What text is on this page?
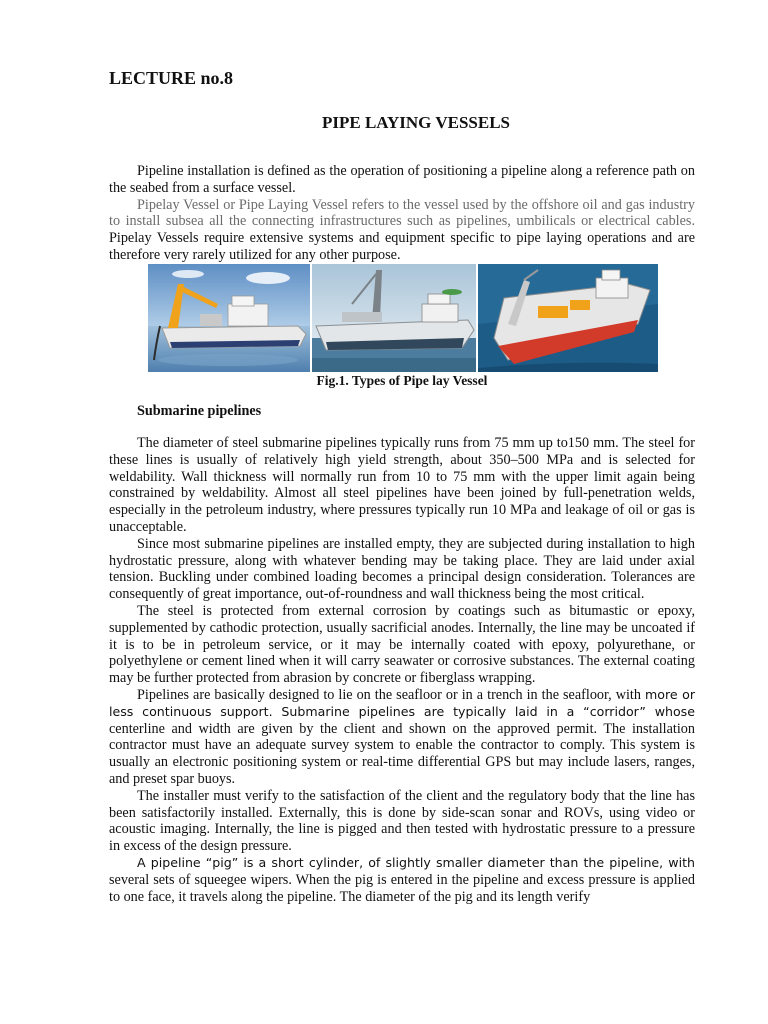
LECTURE no.8
PIPE LAYING VESSELS

Pipeline installation is defined as the operation of positioning a pipeline along a reference path on the seabed from a surface vessel.

Pipelay Vessel or Pipe Laying Vessel refers to the vessel used by the offshore oil and gas industry to install subsea all the connecting infrastructures such as pipelines, umbilicals or electrical cables. Pipelay Vessels require extensive systems and equipment specific to pipe laying operations and are therefore very rarely utilized for any other purpose.

Fig.1. Types of Pipe lay Vessel
Submarine pipelines

The diameter of steel submarine pipelines typically runs from 75 mm up to150 mm. The steel for these lines is usually of relatively high yield strength, about 350–500 MPa and is selected for weldability. Wall thickness will normally run from 10 to 75 mm with the upper limit again being constrained by weldability. Almost all steel pipelines have been joined by full-penetration welds, especially in the petroleum industry, where pressures typically run 10 MPa and leakage of oil or gas is unacceptable.

Since most submarine pipelines are installed empty, they are subjected during installation to high hydrostatic pressure, along with whatever bending may be taking place. They are laid under axial tension. Buckling under combined loading becomes a principal design consideration. Tolerances are consequently of great importance, out-of-roundness and wall thickness being the most critical.

The steel is protected from external corrosion by coatings such as bitumastic or epoxy, supplemented by cathodic protection, usually sacrificial anodes. Internally, the line may be uncoated if it is to be in petroleum service, or it may be internally coated with epoxy, polyurethane, or polyethylene or cement lined when it will carry seawater or corrosive substances. The external coating may be further protected from abrasion by concrete or fiberglass wrapping.

Pipelines are basically designed to lie on the seafloor or in a trench in the seafloor, with more or less continuous support. Submarine pipelines are typically laid in a “corridor” whose centerline and width are given by the client and shown on the approved permit. The installation contractor must have an adequate survey system to enable the contractor to comply. This system is usually an electronic positioning system or real-time differential GPS but may include lasers, ranges, and preset spar buoys.

The installer must verify to the satisfaction of the client and the regulatory body that the line has been satisfactorily installed. Externally, this is done by side-scan sonar and ROVs, using video or acoustic imaging. Internally, the line is pigged and then tested with hydrostatic pressure to a pressure in excess of the design pressure.

A pipeline “pig” is a short cylinder, of slightly smaller diameter than the pipeline, with several sets of squeegee wipers. When the pig is entered in the pipeline and excess pressure is applied to one face, it travels along the pipeline. The diameter of the pig and its length verify
